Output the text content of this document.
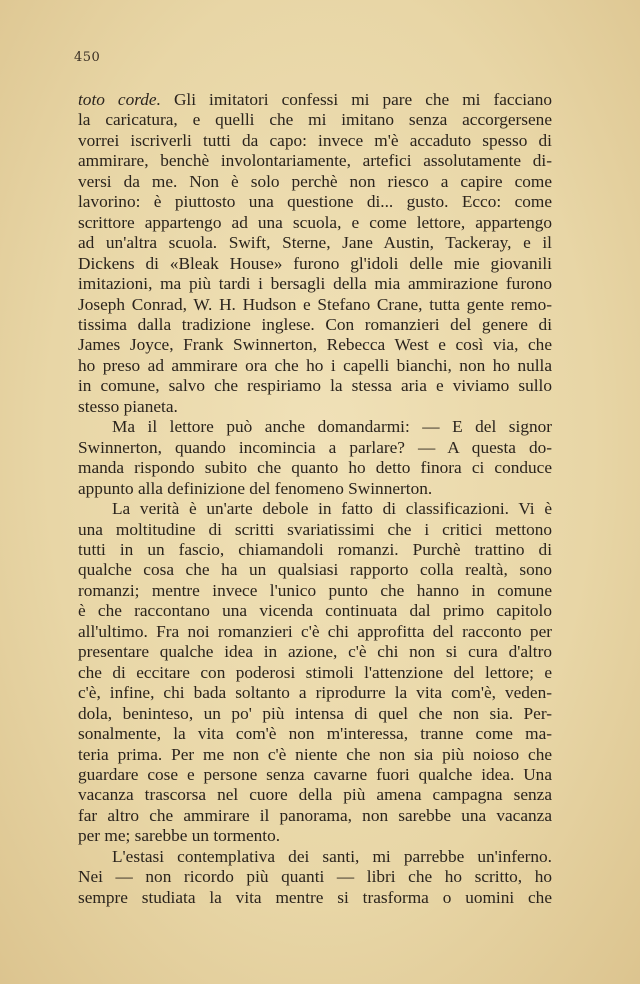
450

toto corde. Gli imitatori confessi mi pare che mi facciano

la caricatura, e quelli che mi imitano senza accorgersene

vorrei iscriverli tutti da capo: invece m'è accaduto spesso di

ammirare, benchè involontariamente, artefici assolutamente di-

versi da me. Non è solo perchè non riesco a capire come

lavorino: è piuttosto una questione di... gusto. Ecco: come

scrittore appartengo ad una scuola, e come lettore, appartengo

ad un'altra scuola. Swift, Sterne, Jane Austin, Tackeray, e il

Dickens di «Bleak House» furono gl'idoli delle mie giovanili

imitazioni, ma più tardi i bersagli della mia ammirazione furono

Joseph Conrad, W. H. Hudson e Stefano Crane, tutta gente remo-

tissima dalla tradizione inglese. Con romanzieri del genere di

James Joyce, Frank Swinnerton, Rebecca West e così via, che

ho preso ad ammirare ora che ho i capelli bianchi, non ho nulla

in comune, salvo che respiriamo la stessa aria e viviamo sullo

stesso pianeta.

Ma il lettore può anche domandarmi: — E del signor

Swinnerton, quando incomincia a parlare? — A questa do-

manda rispondo subito che quanto ho detto finora ci conduce

appunto alla definizione del fenomeno Swinnerton.

La verità è un'arte debole in fatto di classificazioni. Vi è

una moltitudine di scritti svariatissimi che i critici mettono

tutti in un fascio, chiamandoli romanzi. Purchè trattino di

qualche cosa che ha un qualsiasi rapporto colla realtà, sono

romanzi; mentre invece l'unico punto che hanno in comune

è che raccontano una vicenda continuata dal primo capitolo

all'ultimo. Fra noi romanzieri c'è chi approfitta del racconto per

presentare qualche idea in azione, c'è chi non si cura d'altro

che di eccitare con poderosi stimoli l'attenzione del lettore; e

c'è, infine, chi bada soltanto a riprodurre la vita com'è, veden-

dola, beninteso, un po' più intensa di quel che non sia. Per-

sonalmente, la vita com'è non m'interessa, tranne come ma-

teria prima. Per me non c'è niente che non sia più noioso che

guardare cose e persone senza cavarne fuori qualche idea. Una

vacanza trascorsa nel cuore della più amena campagna senza

far altro che ammirare il panorama, non sarebbe una vacanza

per me; sarebbe un tormento.

L'estasi contemplativa dei santi, mi parrebbe un'inferno.

Nei — non ricordo più quanti — libri che ho scritto, ho

sempre studiata la vita mentre si trasforma o uomini che
